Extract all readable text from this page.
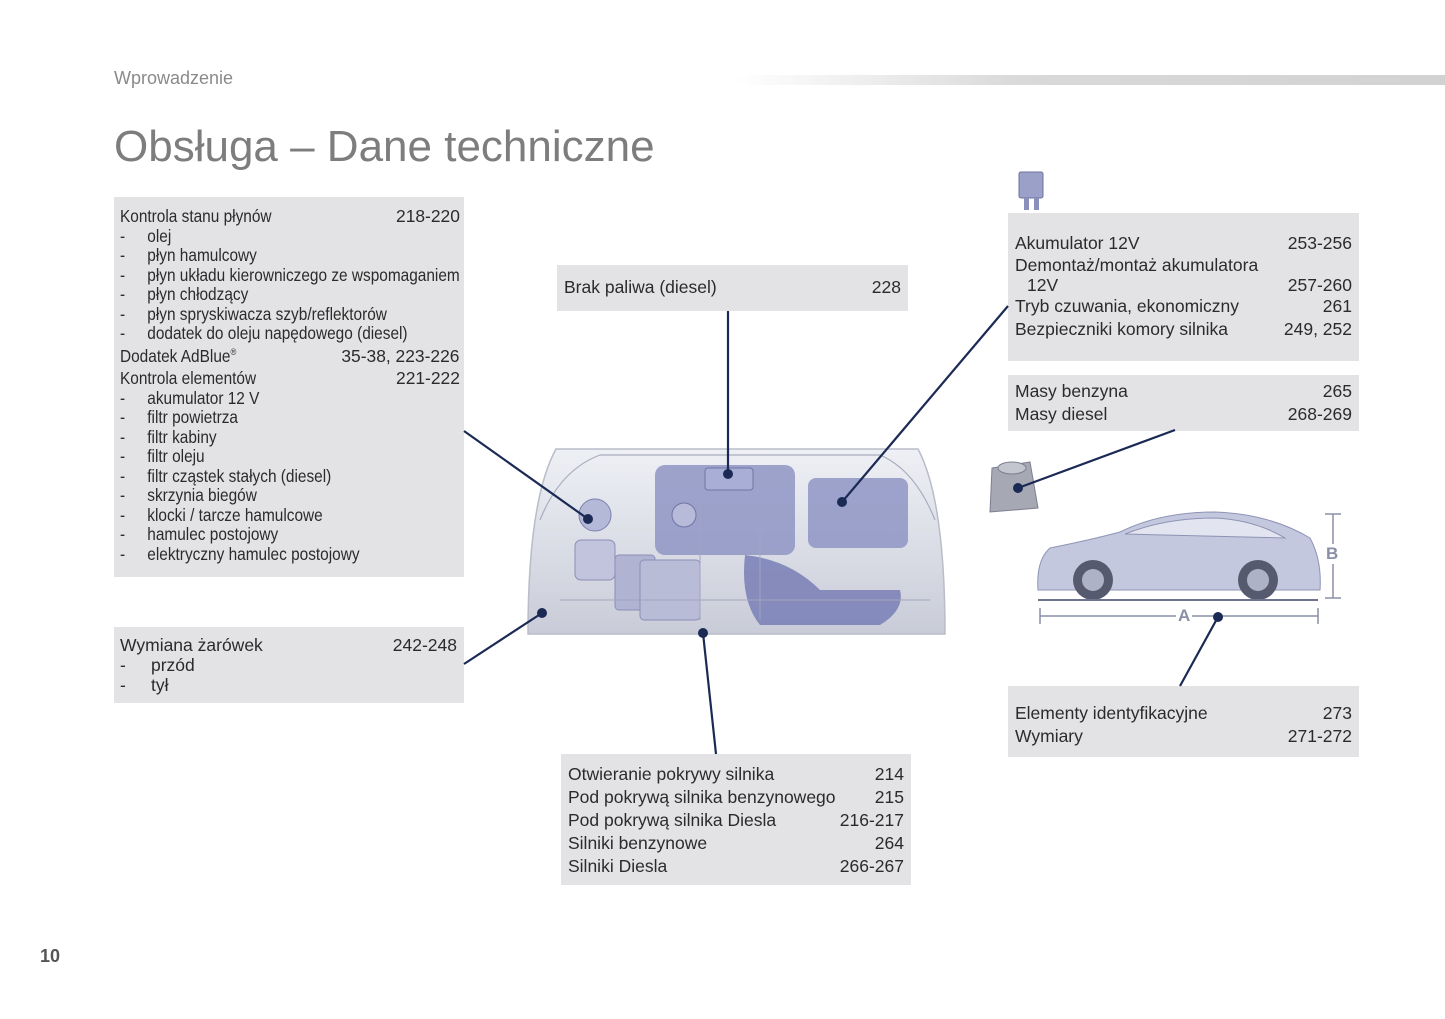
Wprowadzenie
Obsługa – Dane techniczne
Kontrola stanu płynów	218-220
-	olej
-	płyn hamulcowy
-	płyn układu kierowniczego ze wspomaganiem
-	płyn chłodzący
-	płyn spryskiwacza szyb/reflektorów
-	dodatek do oleju napędowego (diesel)
Dodatek AdBlue®	35-38, 223-226
Kontrola elementów	221-222
-	akumulator 12 V
-	filtr powietrza
-	filtr kabiny
-	filtr oleju
-	filtr cząstek stałych (diesel)
-	skrzynia biegów
-	klocki / tarcze hamulcowe
-	hamulec postojowy
-	elektryczny hamulec postojowy
Brak paliwa (diesel)	228
Akumulator 12V	253-256
Demontaż/montaż akumulatora
12V	257-260
Tryb czuwania, ekonomiczny	261
Bezpieczniki komory silnika	249, 252
Masy benzyna	265
Masy diesel	268-269
Wymiana żarówek	242-248
-	przód
-	tył
Otwieranie pokrywy silnika	214
Pod pokrywą silnika benzynowego 215
Pod pokrywą silnika Diesla	216-217
Silniki benzynowe	264
Silniki Diesla	266-267
Elementy identyfikacyjne	273
Wymiary	271-272
B
A
10
